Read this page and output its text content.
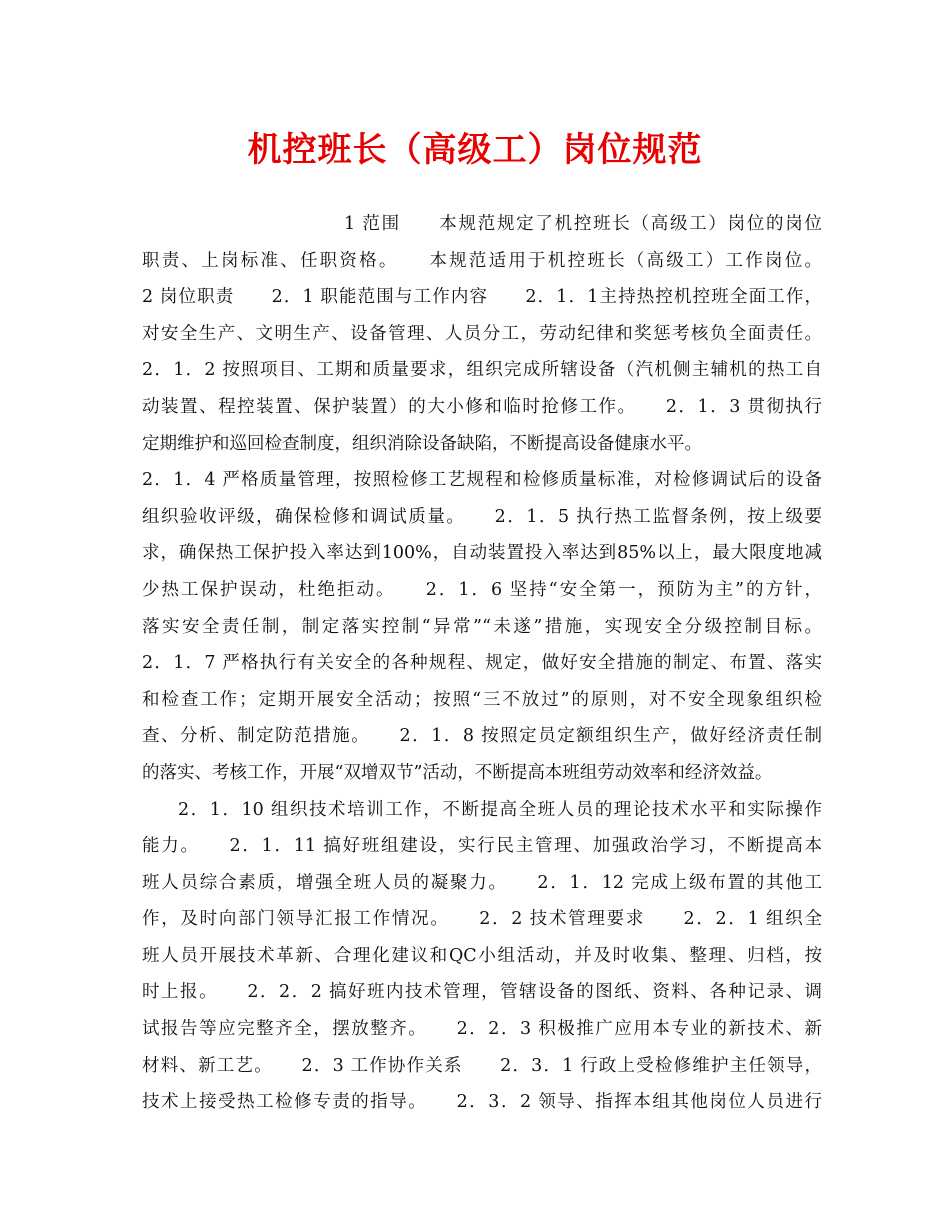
机控班长（高级工）岗位规范
1 范围　　本规范规定了机控班长（高级工）岗位的岗位
职责、上岗标准、任职资格。　　本规范适用于机控班长（高级工）工作岗位。
2 岗位职责　　2．1 职能范围与工作内容　　2．1．1主持热控机控班全面工作，
对安全生产、文明生产、设备管理、人员分工，劳动纪律和奖惩考核负全面责任。
2．1．2 按照项目、工期和质量要求，组织完成所辖设备（汽机侧主辅机的热工自
动装置、程控装置、保护装置）的大小修和临时抢修工作。　　2．1．3 贯彻执行
定期维护和巡回检查制度，组织消除设备缺陷，不断提高设备健康水平。
2．1．4 严格质量管理，按照检修工艺规程和检修质量标准，对检修调试后的设备
组织验收评级，确保检修和调试质量。　　2．1．5 执行热工监督条例，按上级要
求，确保热工保护投入率达到100%，自动装置投入率达到85%以上，最大限度地减
少热工保护误动，杜绝拒动。　　2．1．6 坚持“安全第一，预防为主”的方针，
落实安全责任制，制定落实控制“异常”“未遂”措施，实现安全分级控制目标。
2．1．7 严格执行有关安全的各种规程、规定，做好安全措施的制定、布置、落实
和检查工作；定期开展安全活动；按照“三不放过”的原则，对不安全现象组织检
查、分析、制定防范措施。　　2．1．8 按照定员定额组织生产，做好经济责任制
的落实、考核工作，开展“双增双节”活动，不断提高本班组劳动效率和经济效益。
2．1．10 组织技术培训工作，不断提高全班人员的理论技术水平和实际操作
能力。　　2．1．11 搞好班组建设，实行民主管理、加强政治学习，不断提高本
班人员综合素质，增强全班人员的凝聚力。　　2．1．12 完成上级布置的其他工
作，及时向部门领导汇报工作情况。　　2．2 技术管理要求　　2．2．1 组织全
班人员开展技术革新、合理化建议和QC小组活动，并及时收集、整理、归档，按
时上报。　　2．2．2 搞好班内技术管理，管辖设备的图纸、资料、各种记录、调
试报告等应完整齐全，摆放整齐。　　2．2．3 积极推广应用本专业的新技术、新
材料、新工艺。　　2．3 工作协作关系　　2．3．1 行政上受检修维护主任领导，
技术上接受热工检修专责的指导。　　2．3．2 领导、指挥本组其他岗位人员进行
